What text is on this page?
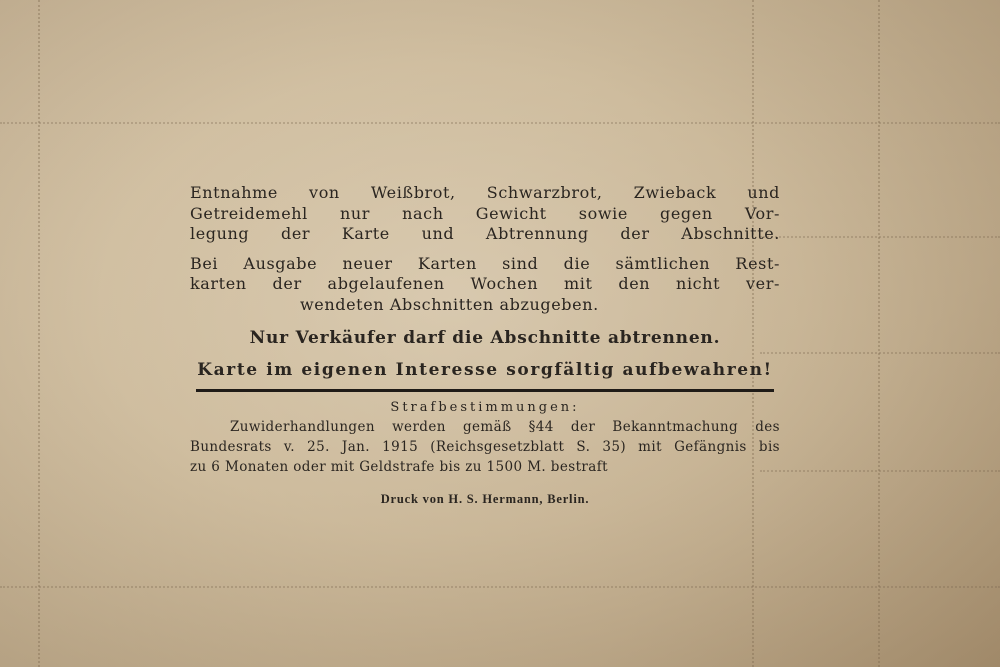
Entnahme von Weißbrot, Schwarzbrot, Zwieback und
Getreidemehl nur nach Gewicht sowie gegen Vor-
legung der Karte und Abtrennung der Abschnitte.

Bei Ausgabe neuer Karten sind die sämtlichen Rest-
karten der abgelaufenen Wochen mit den nicht ver-
wendeten Abschnitten abzugeben.

Nur Verkäufer darf die Abschnitte abtrennen.

Karte im eigenen Interesse sorgfältig aufbewahren!

Strafbestimmungen:
Zuwiderhandlungen werden gemäß §44 der Bekanntmachung des
Bundesrats v. 25. Jan. 1915 (Reichsgesetzblatt S. 35) mit Gefängnis bis
zu 6 Monaten oder mit Geldstrafe bis zu 1500 M. bestraft
Druck von H. S. Hermann, Berlin.
